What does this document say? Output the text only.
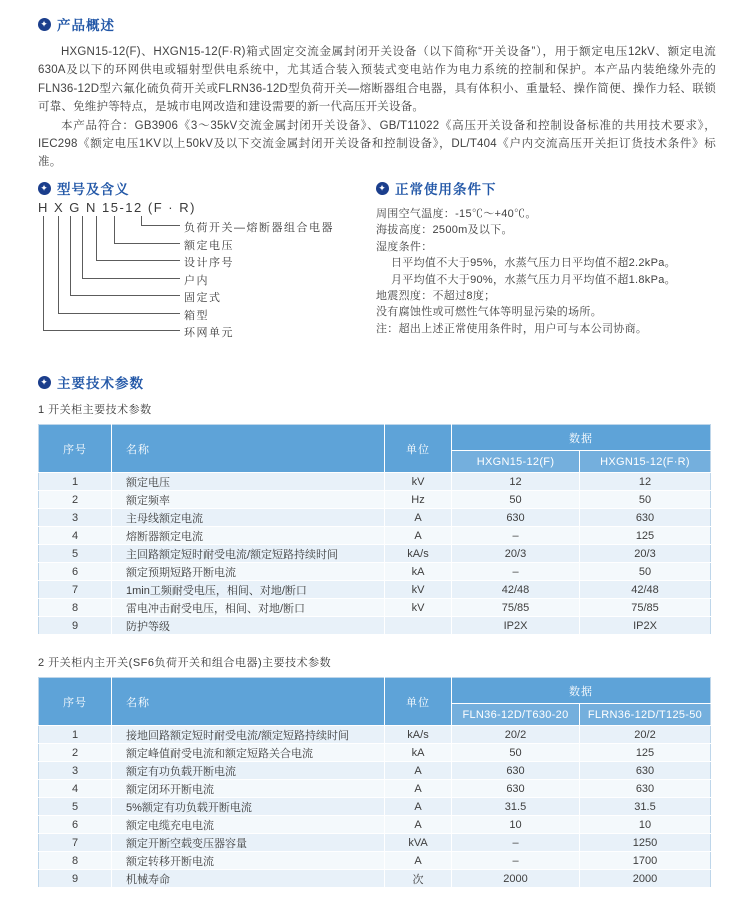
✦ 产品概述

HXGN15-12(F)、HXGN15-12(F·R)箱式固定交流金属封闭开关设备（以下简称“开关设备”），用于额定电压12kV、额定电流630A及以下的环网供电或辐射型供电系统中，尤其适合装入预装式变电站作为电力系统的控制和保护。本产品内装绝缘外壳的FLN36-12D型六氟化硫负荷开关或FLRN36-12D型负荷开关—熔断器组合电器，具有体积小、重量轻、操作简便、操作力轻、联锁可靠、免维护等特点，是城市电网改造和建设需要的新一代高压开关设备。

本产品符合：GB3906《3～35kV交流金属封闭开关设备》、GB/T11022《高压开关设备和控制设备标准的共用技术要求》，IEC298《额定电压1KV以上50kV及以下交流金属封闭开关设备和控制设备》，DL/T404《户内交流高压开关拒订货技术条件》标准。

✦ 型号及含义
H X G N 15-12 (F · R)
负荷开关—熔断器组合电器
额定电压
设计序号
户内
固定式
箱型
环网单元
✦ 正常使用条件下
周围空气温度：-15℃～+40℃。
海拔高度：2500m及以下。
湿度条件：
日平均值不大于95%，水蒸气压力日平均值不超2.2kPa。
月平均值不大于90%，水蒸气压力月平均值不超1.8kPa。
地震烈度：不超过8度；
没有腐蚀性或可燃性气体等明显污染的场所。
注：超出上述正常使用条件时，用户可与本公司协商。
✦ 主要技术参数
1 开关柜主要技术参数
序号	名称	单位	数据	
			HXGN15-12(F)	HXGN15-12(F·R)
1	额定电压	kV	12	12
2	额定频率	Hz	50	50
3	主母线额定电流	A	630	630
4	熔断器额定电流	A	–	125
5	主回路额定短时耐受电流/额定短路持续时间	kA/s	20/3	20/3
6	额定预期短路开断电流	kA	–	50
7	1min工频耐受电压，相间、对地/断口	kV	42/48	42/48
8	雷电冲击耐受电压，相间、对地/断口	kV	75/85	75/85
9	防护等级		IP2X	IP2X
2 开关柜内主开关(SF6负荷开关和组合电器)主要技术参数
序号	名称	单位	数据	
			FLN36-12D/T630-20	FLRN36-12D/T125-50
1	接地回路额定短时耐受电流/额定短路持续时间	kA/s	20/2	20/2
2	额定峰值耐受电流和额定短路关合电流	kA	50	125
3	额定有功负载开断电流	A	630	630
4	额定闭环开断电流	A	630	630
5	5%额定有功负载开断电流	A	31.5	31.5
6	额定电缆充电电流	A	10	10
7	额定开断空载变压器容量	kVA	–	1250
8	额定转移开断电流	A	–	1700
9	机械寿命	次	2000	2000
